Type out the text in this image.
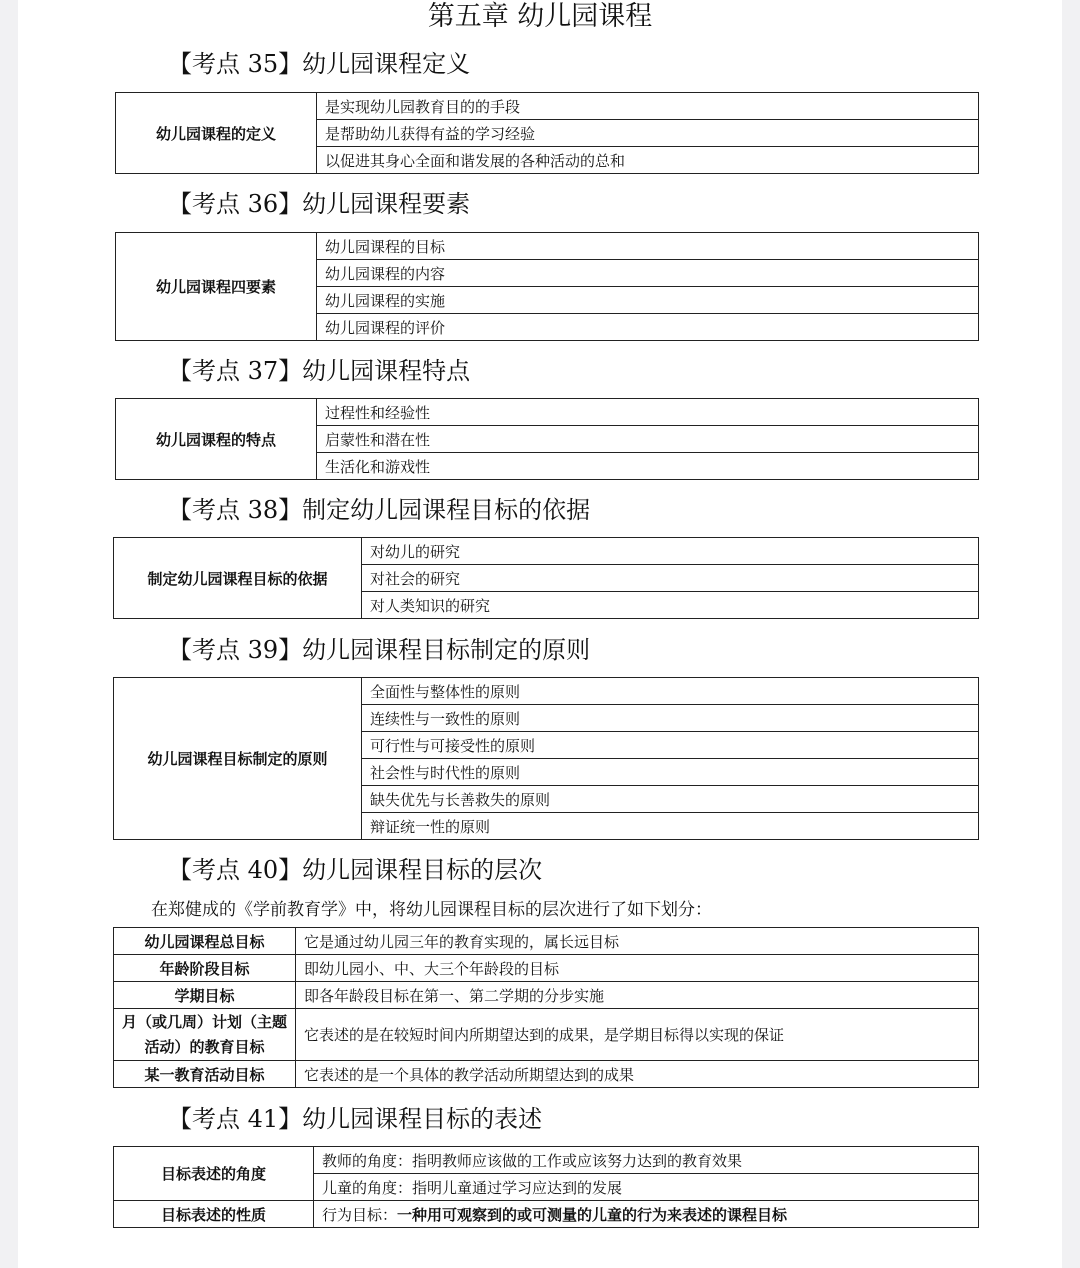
第五章 幼儿园课程
【考点 35】幼儿园课程定义
幼儿园课程的定义	是实现幼儿园教育目的的手段
是帮助幼儿获得有益的学习经验
以促进其身心全面和谐发展的各种活动的总和
【考点 36】幼儿园课程要素
幼儿园课程四要素	幼儿园课程的目标
幼儿园课程的内容
幼儿园课程的实施
幼儿园课程的评价
【考点 37】幼儿园课程特点
幼儿园课程的特点	过程性和经验性
启蒙性和潜在性
生活化和游戏性
【考点 38】制定幼儿园课程目标的依据
制定幼儿园课程目标的依据	对幼儿的研究
对社会的研究
对人类知识的研究
【考点 39】幼儿园课程目标制定的原则
幼儿园课程目标制定的原则	全面性与整体性的原则
连续性与一致性的原则
可行性与可接受性的原则
社会性与时代性的原则
缺失优先与长善救失的原则
辩证统一性的原则
【考点 40】幼儿园课程目标的层次
在郑健成的《学前教育学》中，将幼儿园课程目标的层次进行了如下划分：
幼儿园课程总目标	它是通过幼儿园三年的教育实现的，属长远目标
年龄阶段目标	即幼儿园小、中、大三个年龄段的目标
学期目标	即各年龄段目标在第一、第二学期的分步实施
月（或几周）计划（主题
活动）的教育目标	它表述的是在较短时间内所期望达到的成果，是学期目标得以实现的保证
某一教育活动目标	它表述的是一个具体的教学活动所期望达到的成果
【考点 41】幼儿园课程目标的表述
目标表述的角度	教师的角度：指明教师应该做的工作或应该努力达到的教育效果
	儿童的角度：指明儿童通过学习应达到的发展
目标表述的性质	行为目标：一种用可观察到的或可测量的儿童的行为来表述的课程目标
